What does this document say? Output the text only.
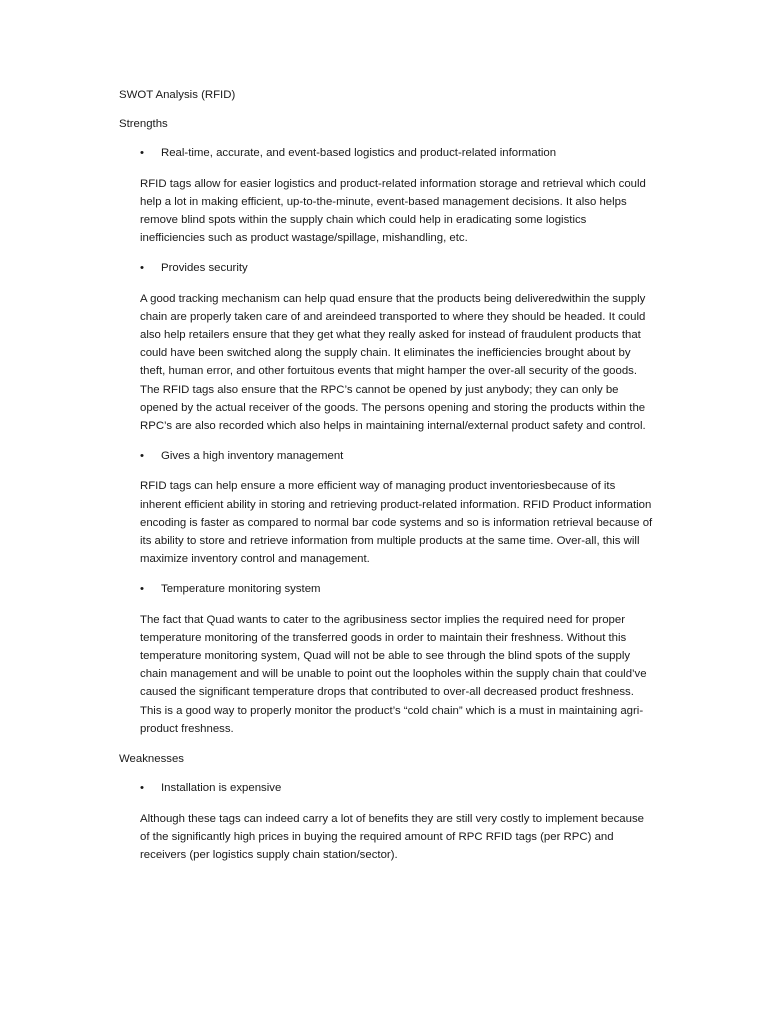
SWOT Analysis (RFID)

Strengths

• Real-time, accurate, and event-based logistics and product-related information

RFID tags allow for easier logistics and product-related information storage and retrieval which could help a lot in making efficient, up-to-the-minute, event-based management decisions. It also helps remove blind spots within the supply chain which could help in eradicating some logistics inefficiencies such as product wastage/spillage, mishandling, etc.

• Provides security

A good tracking mechanism can help quad ensure that the products being deliveredwithin the supply chain are properly taken care of and areindeed transported to where they should be headed. It could also help retailers ensure that they get what they really asked for instead of fraudulent products that could have been switched along the supply chain. It eliminates the inefficiencies brought about by theft, human error, and other fortuitous events that might hamper the over-all security of the goods. The RFID tags also ensure that the RPC’s cannot be opened by just anybody; they can only be opened by the actual receiver of the goods. The persons opening and storing the products within the RPC’s are also recorded which also helps in maintaining internal/external product safety and control.

• Gives a high inventory management

RFID tags can help ensure a more efficient way of managing product inventoriesbecause of its inherent efficient ability in storing and retrieving product-related information. RFID Product information encoding is faster as compared to normal bar code systems and so is information retrieval because of its ability to store and retrieve information from multiple products at the same time. Over-all, this will maximize inventory control and management.

• Temperature monitoring system

The fact that Quad wants to cater to the agribusiness sector implies the required need for proper temperature monitoring of the transferred goods in order to maintain their freshness. Without this temperature monitoring system, Quad will not be able to see through the blind spots of the supply chain management and will be unable to point out the loopholes within the supply chain that could’ve caused the significant temperature drops that contributed to over-all decreased product freshness. This is a good way to properly monitor the product’s “cold chain” which is a must in maintaining agri-product freshness.

Weaknesses

• Installation is expensive

Although these tags can indeed carry a lot of benefits they are still very costly to implement because of the significantly high prices in buying the required amount of RPC RFID tags (per RPC) and receivers (per logistics supply chain station/sector).
